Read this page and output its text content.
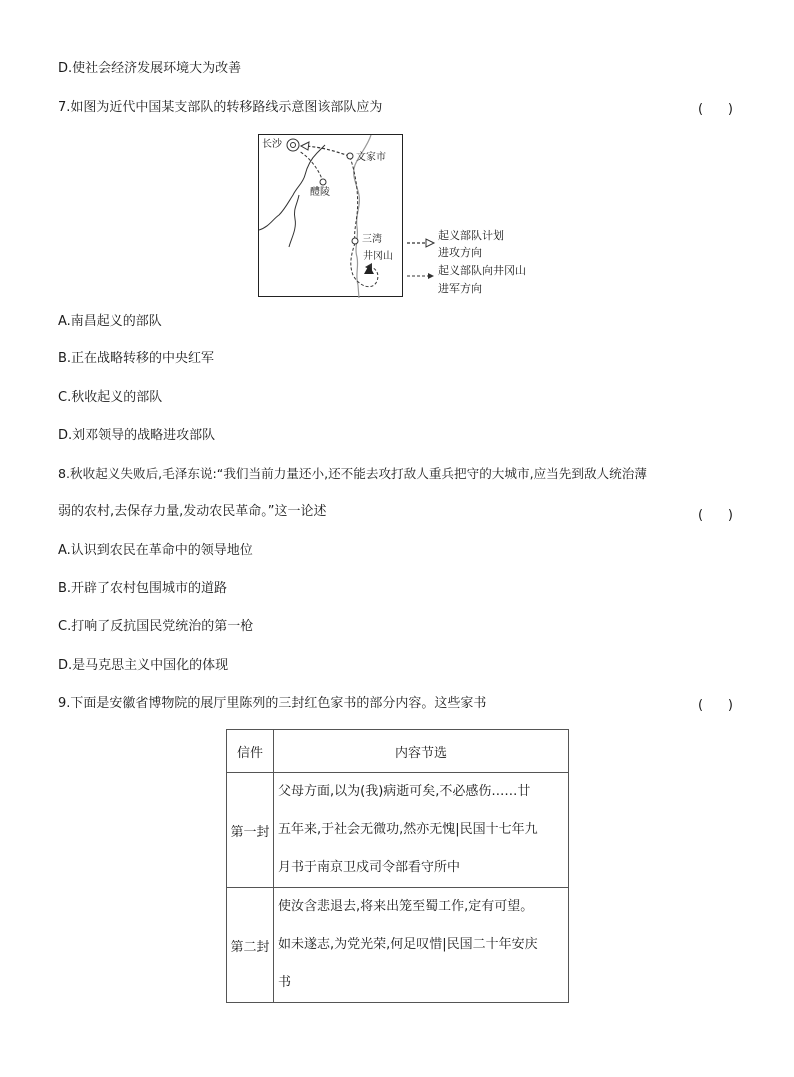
D.使社会经济发展环境大为改善
7.如图为近代中国某支部队的转移路线示意图该部队应为	(      )
长沙
文家市
醴陵
三湾
井冈山
起义部队计划
进攻方向
起义部队向井冈山
进军方向
A.南昌起义的部队
B.正在战略转移的中央红军
C.秋收起义的部队
D.刘邓领导的战略进攻部队
8.秋收起义失败后,毛泽东说:“我们当前力量还小,还不能去攻打敌人重兵把守的大城市,应当先到敌人统治薄
弱的农村,去保存力量,发动农民革命。”这一论述	(      )
A.认识到农民在革命中的领导地位
B.开辟了农村包围城市的道路
C.打响了反抗国民党统治的第一枪
D.是马克思主义中国化的体现
9.下面是安徽省博物院的展厅里陈列的三封红色家书的部分内容。这些家书	(      )
信件	内容节选
第一封	父母方面,以为(我)病逝可矣,不必感伤……廿
五年来,于社会无微功,然亦无愧|民国十七年九
月书于南京卫戍司令部看守所中

第二封	使汝含悲退去,将来出笼至蜀工作,定有可望。
如未遂志,为党光荣,何足叹惜|民国二十年安庆
书
